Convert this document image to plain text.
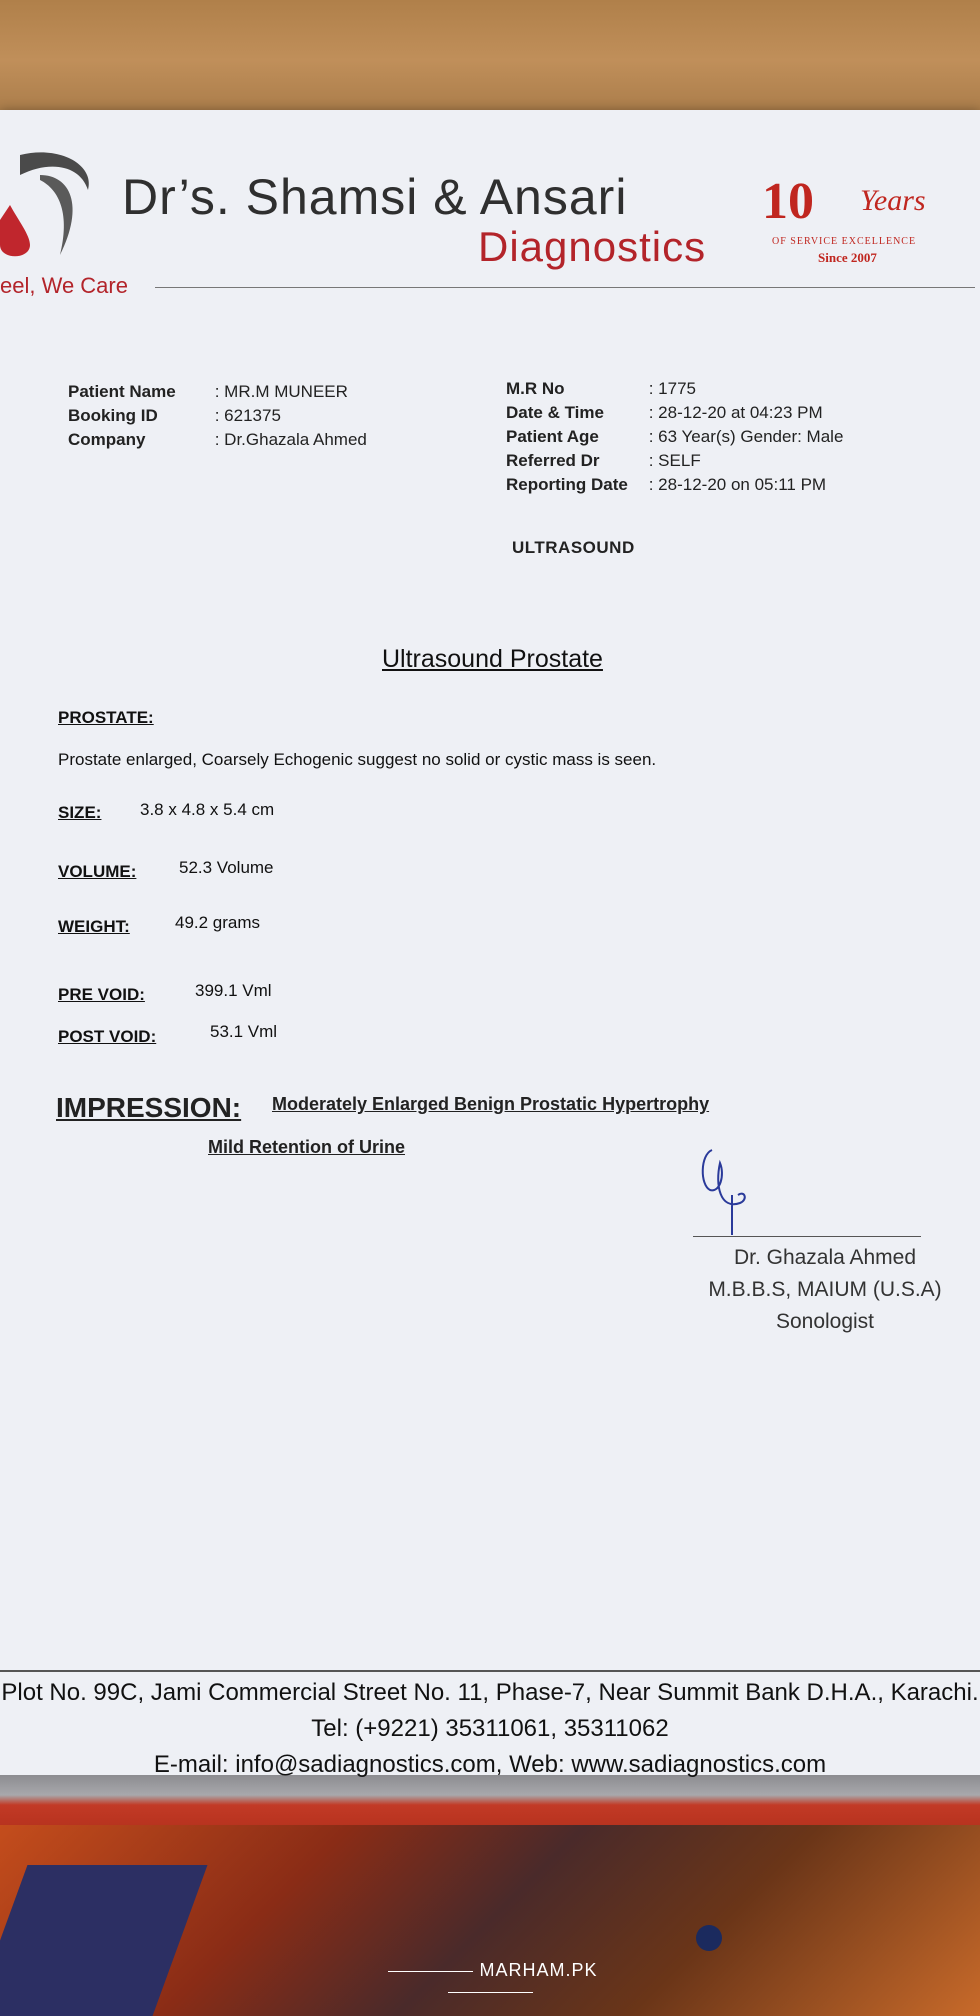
Dr’s. Shamsi & Ansari
Diagnostics
eel, We Care
10 Years
OF SERVICE EXCELLENCE
Since 2007
Patient Name : MR.M MUNEER
Booking ID	: 621375
Company	: Dr.Ghazala Ahmed
M.R No	: 1775
Date & Time	: 28-12-20 at 04:23 PM
Patient Age	: 63 Year(s) Gender: Male
Referred Dr	: SELF
Reporting Date : 28-12-20 on 05:11 PM
ULTRASOUND
Ultrasound Prostate
PROSTATE:
Prostate enlarged, Coarsely Echogenic suggest no solid or cystic mass is seen.
SIZE: 3.8 x 4.8 x 5.4 cm
VOLUME:	52.3 Volume
WEIGHT:	49.2 grams
PRE VOID:	399.1 Vml
POST VOID:	53.1 Vml
IMPRESSION: Moderately Enlarged Benign Prostatic Hypertrophy
Mild Retention of Urine
Dr. Ghazala Ahmed
M.B.B.S, MAIUM (U.S.A)
Sonologist
Plot No. 99C, Jami Commercial Street No. 11, Phase-7, Near Summit Bank D.H.A., Karachi.
Tel: (+9221) 35311061, 35311062
E-mail: info@sadiagnostics.com, Web: www.sadiagnostics.com
MARHAM.PK
